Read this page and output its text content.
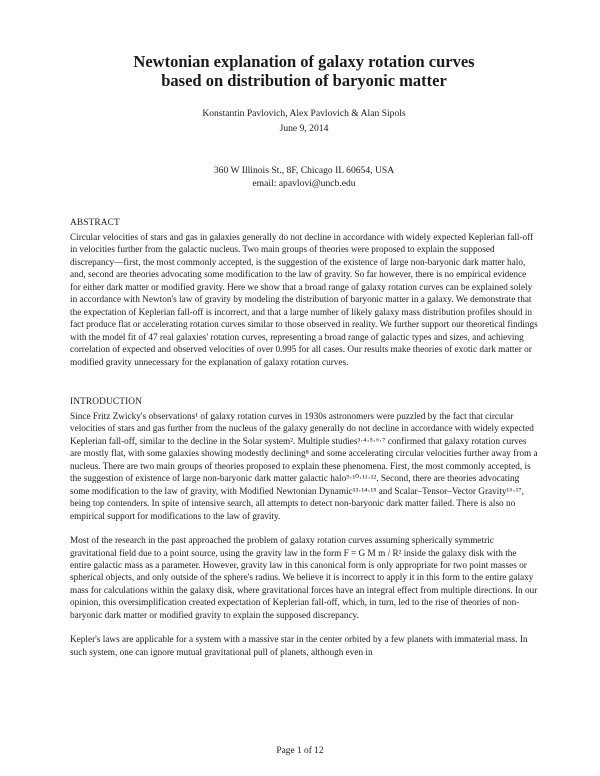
Newtonian explanation of galaxy rotation curves
based on distribution of baryonic matter
Konstantin Pavlovich, Alex Pavlovich & Alan Sipols
June 9, 2014
360 W Illinois St., 8F, Chicago IL 60654, USA
email: apavlovi@uncb.edu
ABSTRACT

Circular velocities of stars and gas in galaxies generally do not decline in accordance with widely expected Keplerian fall-off in velocities further from the galactic nucleus. Two main groups of theories were proposed to explain the supposed discrepancy—first, the most commonly accepted, is the suggestion of the existence of large non-baryonic dark matter halo, and, second are theories advocating some modification to the law of gravity. So far however, there is no empirical evidence for either dark matter or modified gravity. Here we show that a broad range of galaxy rotation curves can be explained solely in accordance with Newton's law of gravity by modeling the distribution of baryonic matter in a galaxy. We demonstrate that the expectation of Keplerian fall-off is incorrect, and that a large number of likely galaxy mass distribution profiles should in fact produce flat or accelerating rotation curves similar to those observed in reality. We further support our theoretical findings with the model fit of 47 real galaxies' rotation curves, representing a broad range of galactic types and sizes, and achieving correlation of expected and observed velocities of over 0.995 for all cases. Our results make theories of exotic dark matter or modified gravity unnecessary for the explanation of galaxy rotation curves.

INTRODUCTION

Since Fritz Zwicky's observations¹ of galaxy rotation curves in 1930s astronomers were puzzled by the fact that circular velocities of stars and gas further from the nucleus of the galaxy generally do not decline in accordance with widely expected Keplerian fall-off, similar to the decline in the Solar system². Multiple studies³·⁴·⁵·⁶·⁷ confirmed that galaxy rotation curves are mostly flat, with some galaxies showing modestly declining⁸ and some accelerating circular velocities further away from a nucleus. There are two main groups of theories proposed to explain these phenomena. First, the most commonly accepted, is the suggestion of existence of large non-baryonic dark matter galactic halo⁹·¹⁰·¹¹·¹². Second, there are theories advocating some modification to the law of gravity, with Modified Newtonian Dynamic¹³·¹⁴·¹⁵ and Scalar–Tensor–Vector Gravity¹⁶·¹⁷, being top contenders. In spite of intensive search, all attempts to detect non-baryonic dark matter failed. There is also no empirical support for modifications to the law of gravity.

Most of the research in the past approached the problem of galaxy rotation curves assuming spherically symmetric gravitational field due to a point source, using the gravity law in the form F = G M m / R² inside the galaxy disk with the entire galactic mass as a parameter. However, gravity law in this canonical form is only appropriate for two point masses or spherical objects, and only outside of the sphere's radius. We believe it is incorrect to apply it in this form to the entire galaxy mass for calculations within the galaxy disk, where gravitational forces have an integral effect from multiple directions. In our opinion, this oversimplification created expectation of Keplerian fall-off, which, in turn, led to the rise of theories of non-baryonic dark matter or modified gravity to explain the supposed discrepancy.

Kepler's laws are applicable for a system with a massive star in the center orbited by a few planets with immaterial mass. In such system, one can ignore mutual gravitational pull of planets, although even in

Page 1 of 12
